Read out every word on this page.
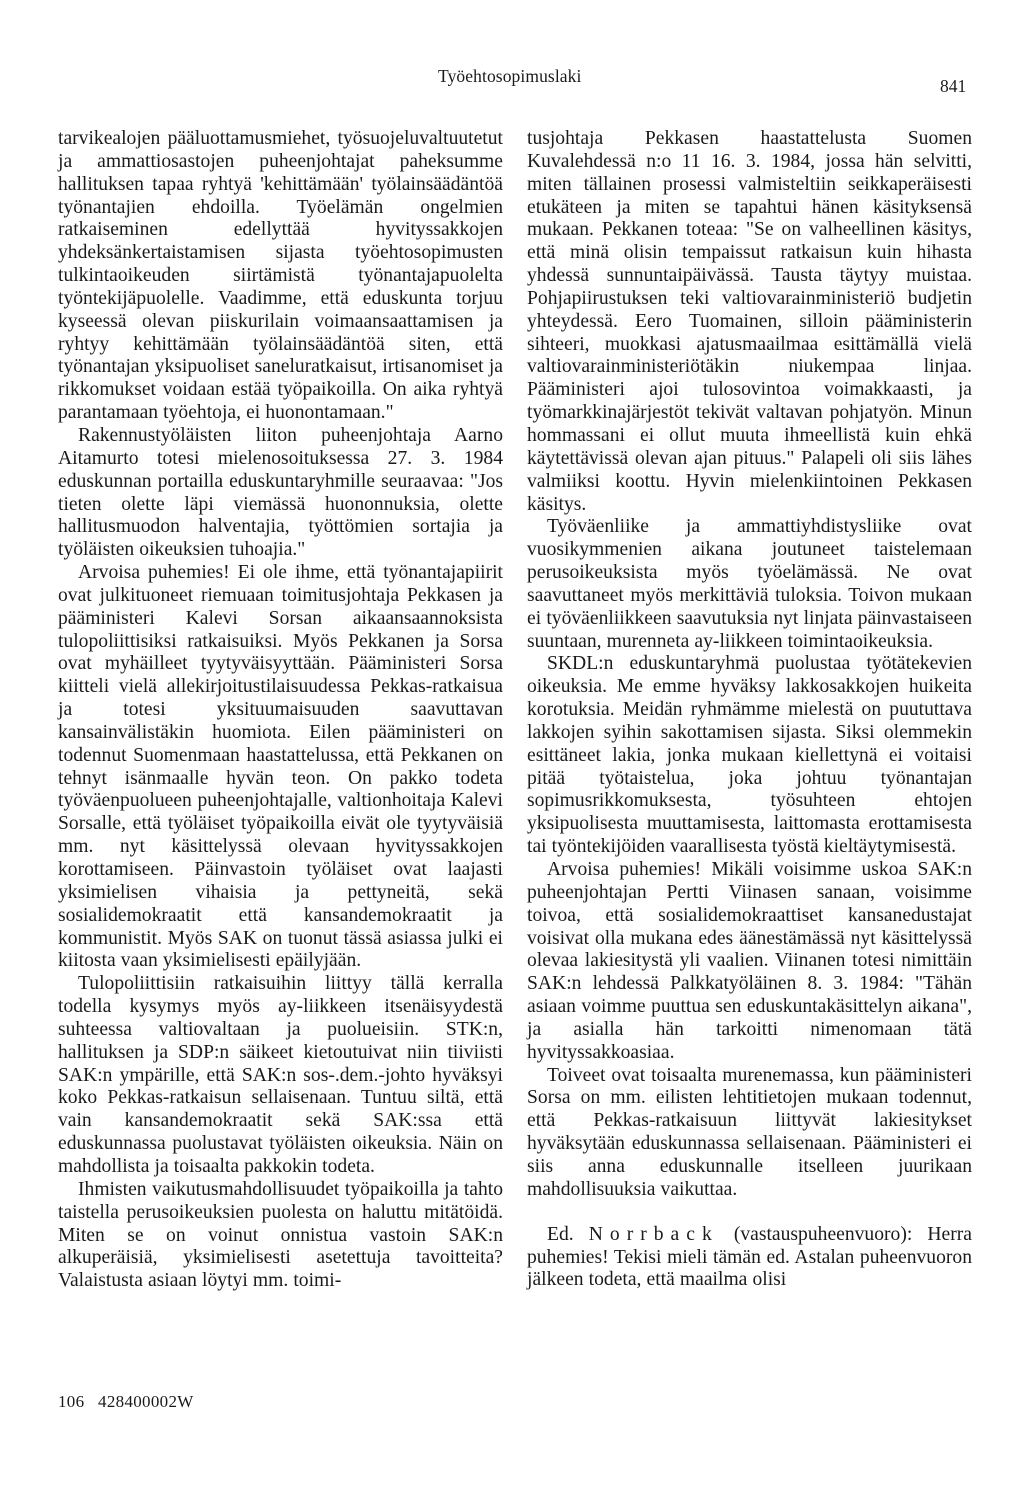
Työehtosopimuslaki	841

tarvikealojen pääluottamusmiehet, työsuojeluvaltuutetut ja ammattiosastojen puheenjohtajat paheksumme hallituksen tapaa ryhtyä 'kehittämään' työlainsäädäntöä työnantajien ehdoilla. Työelämän ongelmien ratkaiseminen edellyttää hyvityssakkojen yhdeksänkertaistamisen sijasta työehtosopimusten tulkintaoikeuden siirtämistä työnantajapuolelta työntekijäpuolelle. Vaadimme, että eduskunta torjuu kyseessä olevan piiskurilain voimaansaattamisen ja ryhtyy kehittämään työlainsäädäntöä siten, että työnantajan yksipuoliset saneluratkaisut, irtisanomiset ja rikkomukset voidaan estää työpaikoilla. On aika ryhtyä parantamaan työehtoja, ei huonontamaan."

Rakennustyöläisten liiton puheenjohtaja Aarno Aitamurto totesi mielenosoituksessa 27. 3. 1984 eduskunnan portailla eduskuntaryhmille seuraavaa: "Jos tieten olette läpi viemässä huononnuksia, olette hallitusmuodon halventajia, työttömien sortajia ja työläisten oikeuksien tuhoajia."

Arvoisa puhemies! Ei ole ihme, että työnantajapiirit ovat julkituoneet riemuaan toimitusjohtaja Pekkasen ja pääministeri Kalevi Sorsan aikaansaannoksista tulopoliittisiksi ratkaisuiksi. Myös Pekkanen ja Sorsa ovat myhäilleet tyytyväisyyttään. Pääministeri Sorsa kiitteli vielä allekirjoitustilaisuudessa Pekkas-ratkaisua ja totesi yksituumaisuuden saavuttavan kansainvälistäkin huomiota. Eilen pääministeri on todennut Suomenmaan haastattelussa, että Pekkanen on tehnyt isänmaalle hyvän teon. On pakko todeta työväenpuolueen puheenjohtajalle, valtionhoitaja Kalevi Sorsalle, että työläiset työpaikoilla eivät ole tyytyväisiä mm. nyt käsittelyssä olevaan hyvityssakkojen korottamiseen. Päinvastoin työläiset ovat laajasti yksimielisen vihaisia ja pettyneitä, sekä sosialidemokraatit että kansandemokraatit ja kommunistit. Myös SAK on tuonut tässä asiassa julki ei kiitosta vaan yksimielisesti epäilyjään.

Tulopoliittisiin ratkaisuihin liittyy tällä kerralla todella kysymys myös ay-liikkeen itsenäisyydestä suhteessa valtiovaltaan ja puolueisiin. STK:n, hallituksen ja SDP:n säikeet kietoutuivat niin tiiviisti SAK:n ympärille, että SAK:n sos-.dem.-johto hyväksyi koko Pekkas-ratkaisun sellaisenaan. Tuntuu siltä, että vain kansandemokraatit sekä SAK:ssa että eduskunnassa puolustavat työläisten oikeuksia. Näin on mahdollista ja toisaalta pakkokin todeta.

Ihmisten vaikutusmahdollisuudet työpaikoilla ja tahto taistella perusoikeuksien puolesta on haluttu mitätöidä. Miten se on voinut onnistua vastoin SAK:n alkuperäisiä, yksimielisesti asetettuja tavoitteita? Valaistusta asiaan löytyi mm. toimi-

tusjohtaja Pekkasen haastattelusta Suomen Kuvalehdessä n:o 11 16. 3. 1984, jossa hän selvitti, miten tällainen prosessi valmisteltiin seikkaperäisesti etukäteen ja miten se tapahtui hänen käsityksensä mukaan. Pekkanen toteaa: "Se on valheellinen käsitys, että minä olisin tempaissut ratkaisun kuin hihasta yhdessä sunnuntaipäivässä. Tausta täytyy muistaa. Pohjapiirustuksen teki valtiovarainministeriö budjetin yhteydessä. Eero Tuomainen, silloin pääministerin sihteeri, muokkasi ajatusmaailmaa esittämällä vielä valtiovarainministeriötäkin niukempaa linjaa. Pääministeri ajoi tulosovintoa voimakkaasti, ja työmarkkinajärjestöt tekivät valtavan pohjatyön. Minun hommassani ei ollut muuta ihmeellistä kuin ehkä käytettävissä olevan ajan pituus." Palapeli oli siis lähes valmiiksi koottu. Hyvin mielenkiintoinen Pekkasen käsitys.

Työväenliike ja ammattiyhdistysliike ovat vuosikymmenien aikana joutuneet taistelemaan perusoikeuksista myös työelämässä. Ne ovat saavuttaneet myös merkittäviä tuloksia. Toivon mukaan ei työväenliikkeen saavutuksia nyt linjata päinvastaiseen suuntaan, murenneta ay-liikkeen toimintaoikeuksia.

SKDL:n eduskuntaryhmä puolustaa työtätekevien oikeuksia. Me emme hyväksy lakkosakkojen huikeita korotuksia. Meidän ryhmämme mielestä on puututtava lakkojen syihin sakottamisen sijasta. Siksi olemmekin esittäneet lakia, jonka mukaan kiellettynä ei voitaisi pitää työtaistelua, joka johtuu työnantajan sopimusrikkomuksesta, työsuhteen ehtojen yksipuolisesta muuttamisesta, laittomasta erottamisesta tai työntekijöiden vaarallisesta työstä kieltäytymisestä.

Arvoisa puhemies! Mikäli voisimme uskoa SAK:n puheenjohtajan Pertti Viinasen sanaan, voisimme toivoa, että sosialidemokraattiset kansanedustajat voisivat olla mukana edes äänestämässä nyt käsittelyssä olevaa lakiesitystä yli vaalien. Viinanen totesi nimittäin SAK:n lehdessä Palkkatyöläinen 8. 3. 1984: "Tähän asiaan voimme puuttua sen eduskuntakäsittelyn aikana", ja asialla hän tarkoitti nimenomaan tätä hyvityssakkoasiaa.

Toiveet ovat toisaalta murenemassa, kun pääministeri Sorsa on mm. eilisten lehtitietojen mukaan todennut, että Pekkas-ratkaisuun liittyvät lakiesitykset hyväksytään eduskunnassa sellaisenaan. Pääministeri ei siis anna eduskunnalle itselleen juurikaan mahdollisuuksia vaikuttaa.

Ed. Norrback (vastauspuheenvuoro): Herra puhemies! Tekisi mieli tämän ed. Astalan puheenvuoron jälkeen todeta, että maailma olisi

106   428400002W
